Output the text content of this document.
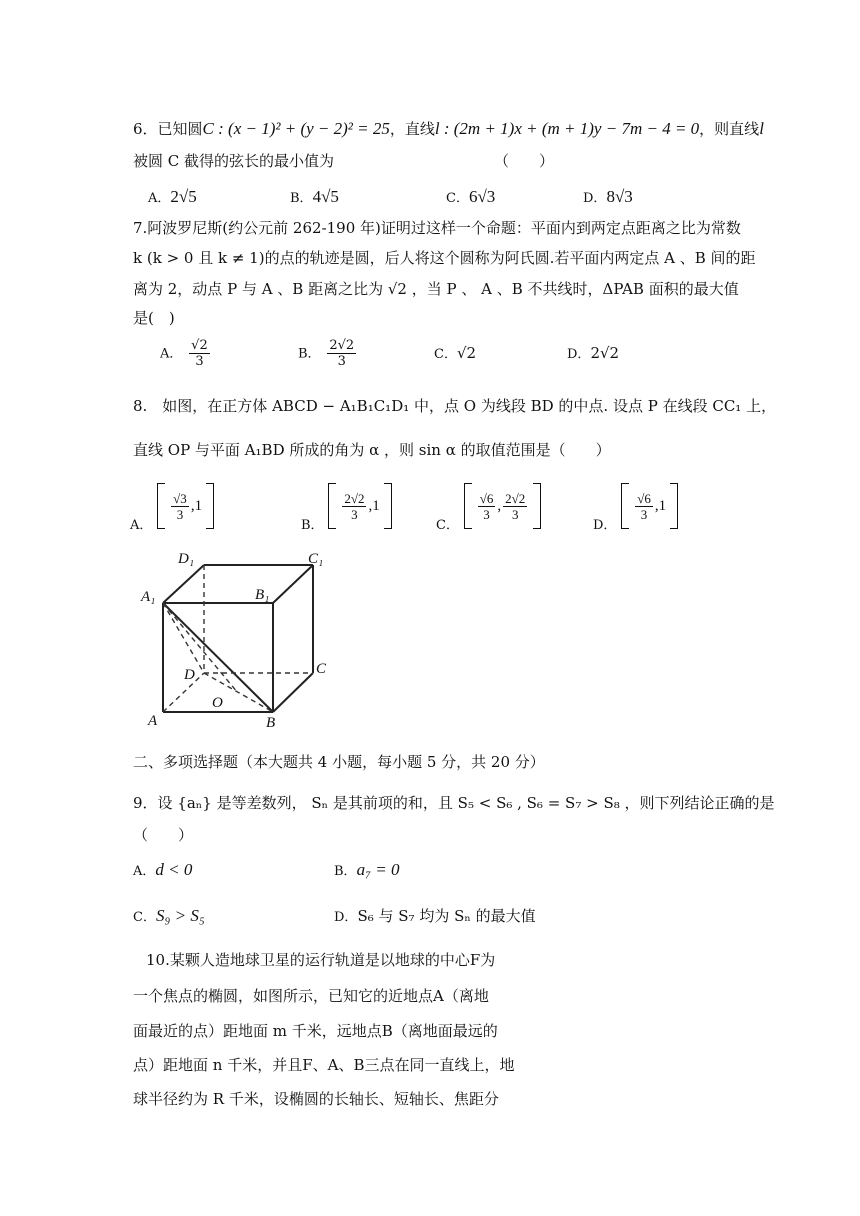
6．已知圆C : (x − 1)² + (y − 2)² = 25，直线l : (2m + 1)x + (m + 1)y − 7m − 4 = 0，则直线l
被圆 C 截得的弦长的最小值为	（　　）
A．2√5	B．4√5	C．6√3	D．8√3
7.阿波罗尼斯(约公元前 262-190 年)证明过这样一个命题：平面内到两定点距离之比为常数
k (k > 0 且 k ≠ 1)的点的轨迹是圆，后人将这个圆称为阿氏圆.若平面内两定点 A 、B 间的距
离为 2，动点 P 与 A 、B 距离之比为 √2 ，当 P 、 A 、B 不共线时，ΔPAB 面积的最大值
是(　)
A． $\frac{√2}{3}$	B． $\frac{2√2}{3}$	C．√2	D．2√2
8.　如图，在正方体 ABCD − A₁B₁C₁D₁ 中，点 O 为线段 BD 的中点. 设点 P 在线段 CC₁ 上，
直线 OP 与平面 A₁BD 所成的角为 α ，则 sin α 的取值范围是（　　）
A．
$\frac{√3}{3}$ , 1
B．
$\frac{2√2}{3}$ , 1
C．
$\frac{√6}{3}$ , $\frac{2√2}{3}$
D．
$\frac{√6}{3}$ , 1
D₁	C₁
A₁	B₁
D	C
O
A	B
二、多项选择题（本大题共 4 小题，每小题 5 分，共 20 分）
9．设 {aₙ} 是等差数列， Sₙ 是其前项的和，且 S₅ < S₆ , S₆ = S₇ > S₈ ，则下列结论正确的是
（　　）
A．d < 0	B．a₇ = 0
C．S₉ > S₅	D．S₆ 与 S₇ 均为 Sₙ 的最大值
10.某颗人造地球卫星的运行轨道是以地球的中心F为
一个焦点的椭圆，如图所示，已知它的近地点A（离地
面最近的点）距地面 m 千米，远地点B（离地面最远的
点）距地面 n 千米，并且F、A、B三点在同一直线上，地
球半径约为 R 千米，设椭圆的长轴长、短轴长、焦距分
